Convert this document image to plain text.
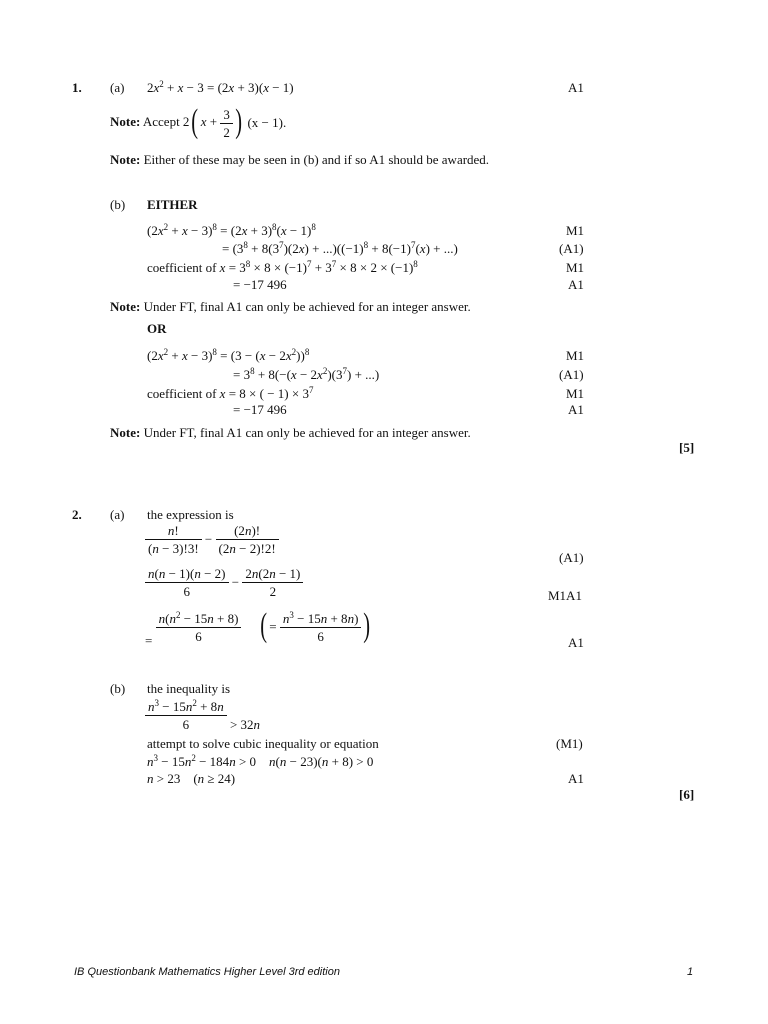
1. (a) $2x^2 + x - 3 = (2x + 3)(x - 1)$	A1
Note: Accept 2( $x + \frac{3}{2}$ ) (x − 1).
Note: Either of these may be seen in (b) and if so A1 should be awarded.
(b) EITHER
$(2x^2 + x - 3)^8 = (2x + 3)^8(x - 1)^8$	M1
= $(3^8 + 8(3^7)(2x) + ...)((-1)^8 + 8(-1)^7(x)$ + ...)	(A1)
coefficient of $x = 3^8 \times 8 \times (-1)^7 + 3^7 \times 8 \times 2 \times (-1)^8$	M1
= −17 496	A1
Note: Under FT, final A1 can only be achieved for an integer answer.
OR
$(2x^2 + x - 3)^8 = (3 - (x - 2x^2))^8$	M1
= $3^8 + 8(-(x - 2x^2)(3^7)$ + ...)	(A1)
coefficient of x = 8 × ( − $1) \times 3^7$	M1
= −17 496	A1
Note: Under FT, final A1 can only be achieved for an integer answer.
[5]
2. (a) the expression is
$\frac{n!}{(n - 3)!3!} - \frac{(2n)!}{(2n - 2)!2!}$
(A1)
$\frac{n(n - 1)(n - 2)}{6} - \frac{2n(2n - 1)}{2}$	M1A1
= $\frac{n(n^2 - 15n + 8)}{6}$ ( = $\frac{n^3 - 15n + 8n)}{6}$ )	A1
(b) the inequality is
$\frac{n^3 - 15n^2 + 8n}{6} > 32n$
attempt to solve cubic inequality or equation	(M1)
$n^3 - 15n^2 - 184n > 0$    n(n − 23)(n + 8) > 0
n > 23    (n ≥ 24)	A1
[6]
IB Questionbank Mathematics Higher Level 3rd edition	1
